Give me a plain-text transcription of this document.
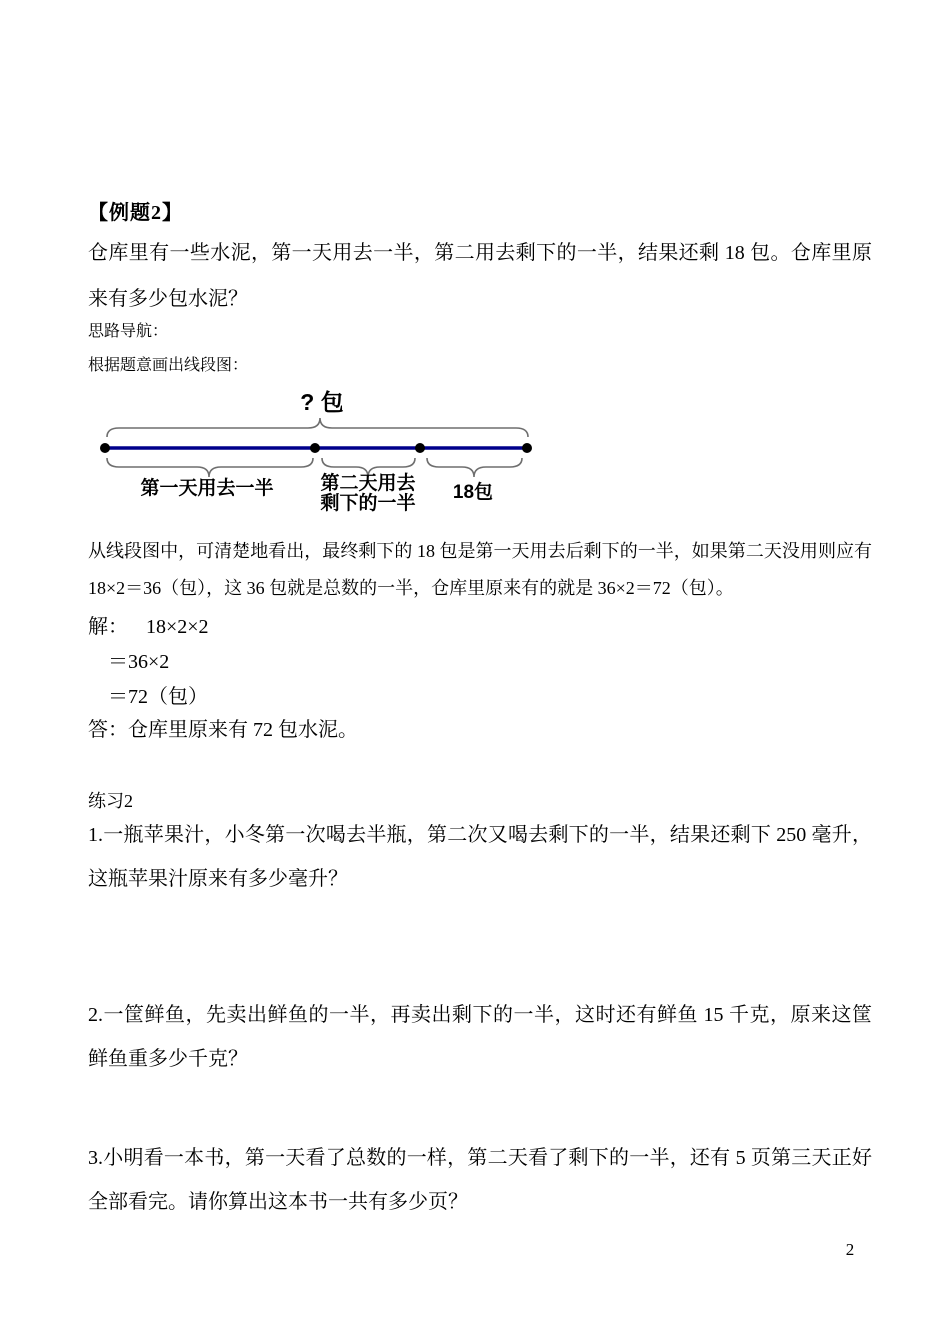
【例题2】
仓库里有一些水泥，第一天用去一半，第二用去剩下的一半，结果还剩 18 包。仓库里原来有多少包水泥？
思路导航：
根据题意画出线段图：
? 包
第一天用去一半	第二天用去
剩下的一半
18包
从线段图中，可清楚地看出，最终剩下的 18 包是第一天用去后剩下的一半，如果第二天没用则应有 18×2＝36（包），这 36 包就是总数的一半，仓库里原来有的就是 36×2＝72（包）。
解： 18×2×2
＝36×2
＝72（包）
答：仓库里原来有 72 包水泥。
练习2
1.一瓶苹果汁，小冬第一次喝去半瓶，第二次又喝去剩下的一半，结果还剩下 250 毫升，这瓶苹果汁原来有多少毫升？
2.一筐鲜鱼，先卖出鲜鱼的一半，再卖出剩下的一半，这时还有鲜鱼 15 千克，原来这筐鲜鱼重多少千克？
3.小明看一本书，第一天看了总数的一样，第二天看了剩下的一半，还有 5 页第三天正好全部看完。请你算出这本书一共有多少页？
2
